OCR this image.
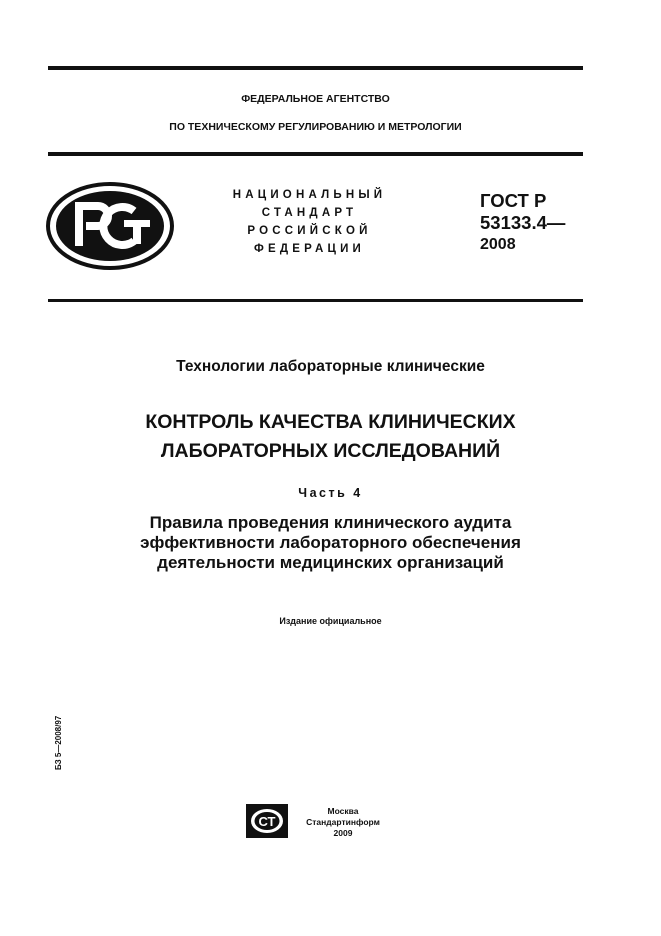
ФЕДЕРАЛЬНОЕ АГЕНТСТВО
ПО ТЕХНИЧЕСКОМУ РЕГУЛИРОВАНИЮ И МЕТРОЛОГИИ
НАЦИОНАЛЬНЫЙ
СТАНДАРТ
РОССИЙСКОЙ
ФЕДЕРАЦИИ
ГОСТ Р
53133.4—
2008
Технологии лабораторные клинические
КОНТРОЛЬ КАЧЕСТВА КЛИНИЧЕСКИХ
ЛАБОРАТОРНЫХ ИССЛЕДОВАНИЙ
Часть 4
Правила проведения клинического аудита
эффективности лабораторного обеспечения
деятельности медицинских организаций
Издание официальное
БЗ 5—2008/97
СТ
Москва
Стандартинформ
2009
